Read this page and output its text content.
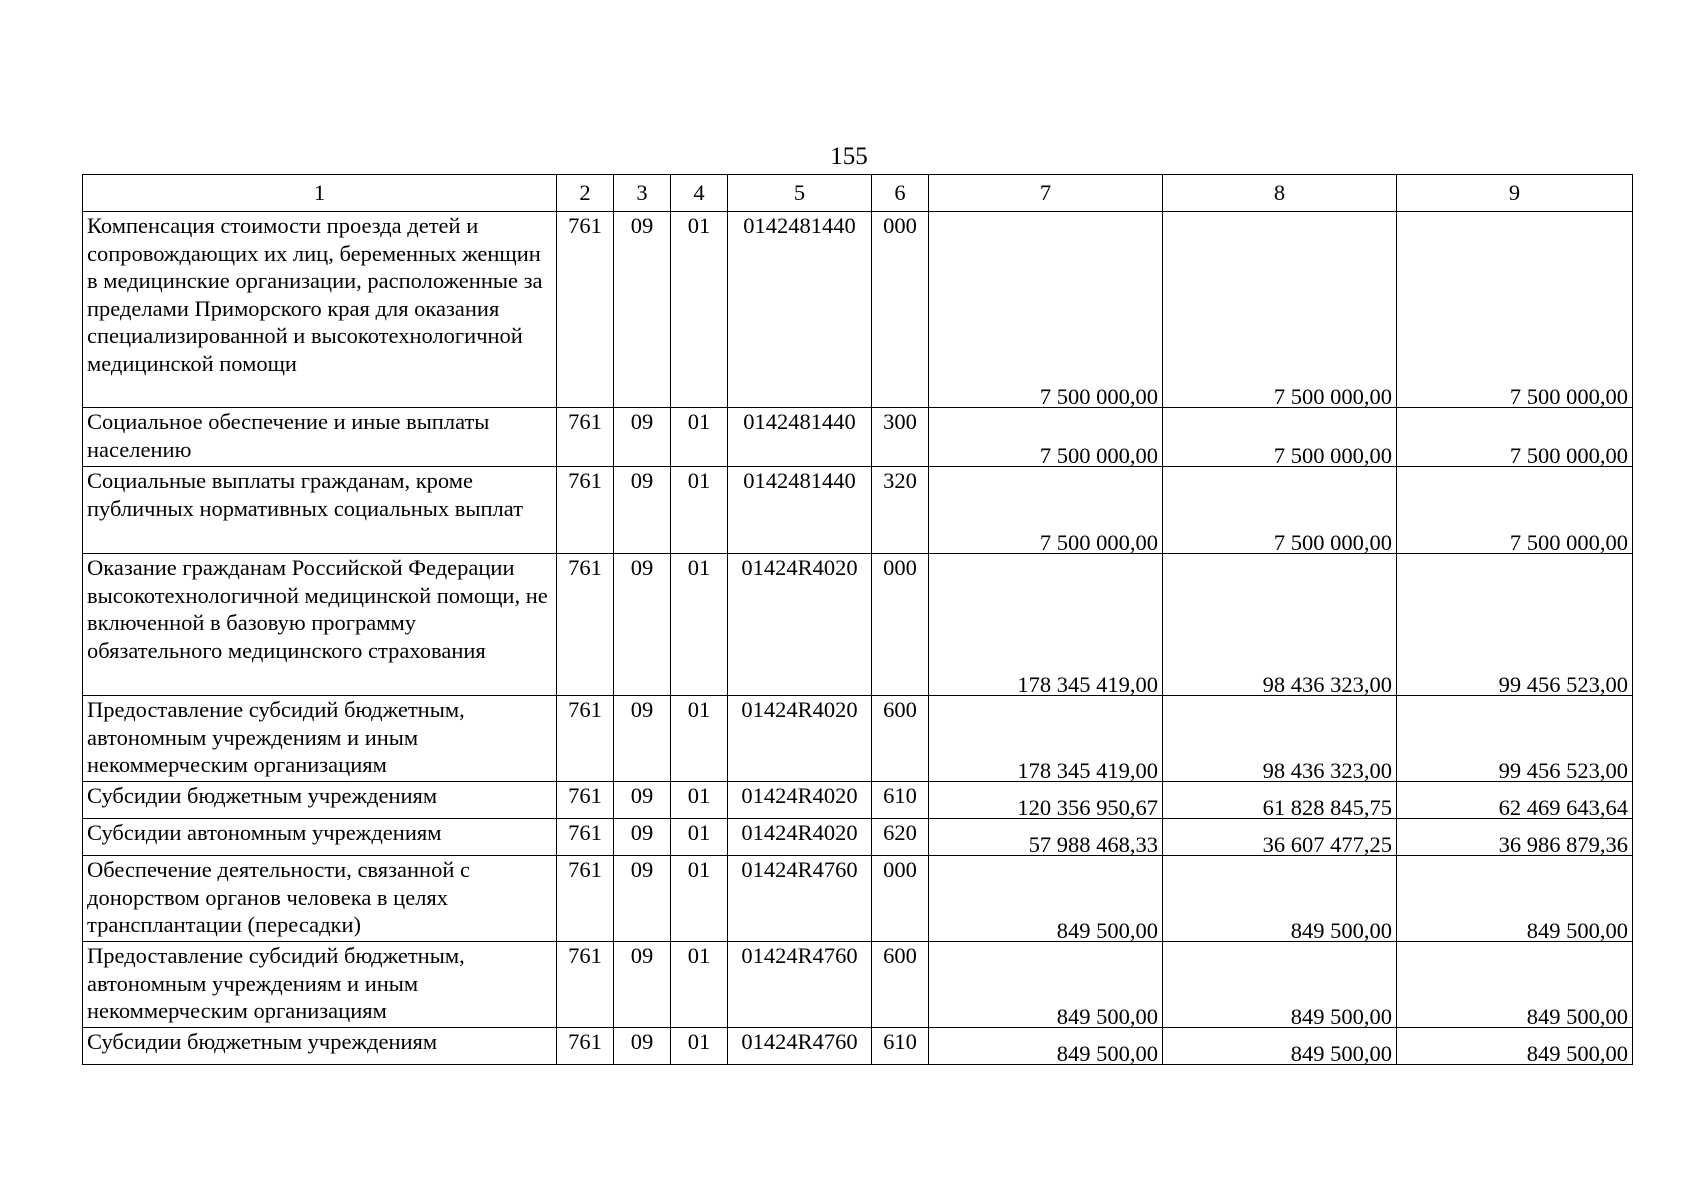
155
1	2	3	4	5	6	7	8	9
Компенсация стоимости проезда детей и сопровождающих их лиц, беременных женщин в медицинские организации, расположенные за пределами Приморского края для оказания специализированной и высокотехнологичной медицинской помощи	761	09	01	0142481440	000	7 500 000,00	7 500 000,00	7 500 000,00
Социальное обеспечение и иные выплаты населению	761	09	01	0142481440	300	7 500 000,00	7 500 000,00	7 500 000,00
Социальные выплаты гражданам, кроме публичных нормативных социальных выплат	761	09	01	0142481440	320	7 500 000,00	7 500 000,00	7 500 000,00
Оказание гражданам Российской Федерации высокотехнологичной медицинской помощи, не включенной в базовую программу обязательного медицинского страхования	761	09	01	01424R4020	000	178 345 419,00	98 436 323,00	99 456 523,00
Предоставление субсидий бюджетным, автономным учреждениям и иным некоммерческим организациям	761	09	01	01424R4020	600	178 345 419,00	98 436 323,00	99 456 523,00
Субсидии бюджетным учреждениям	761	09	01	01424R4020	610	120 356 950,67	61 828 845,75	62 469 643,64
Субсидии автономным учреждениям	761	09	01	01424R4020	620	57 988 468,33	36 607 477,25	36 986 879,36
Обеспечение деятельности, связанной с донорством органов человека в целях трансплантации (пересадки)	761	09	01	01424R4760	000	849 500,00	849 500,00	849 500,00
Предоставление субсидий бюджетным, автономным учреждениям и иным некоммерческим организациям	761	09	01	01424R4760	600	849 500,00	849 500,00	849 500,00
Субсидии бюджетным учреждениям	761	09	01	01424R4760	610	849 500,00	849 500,00	849 500,00
